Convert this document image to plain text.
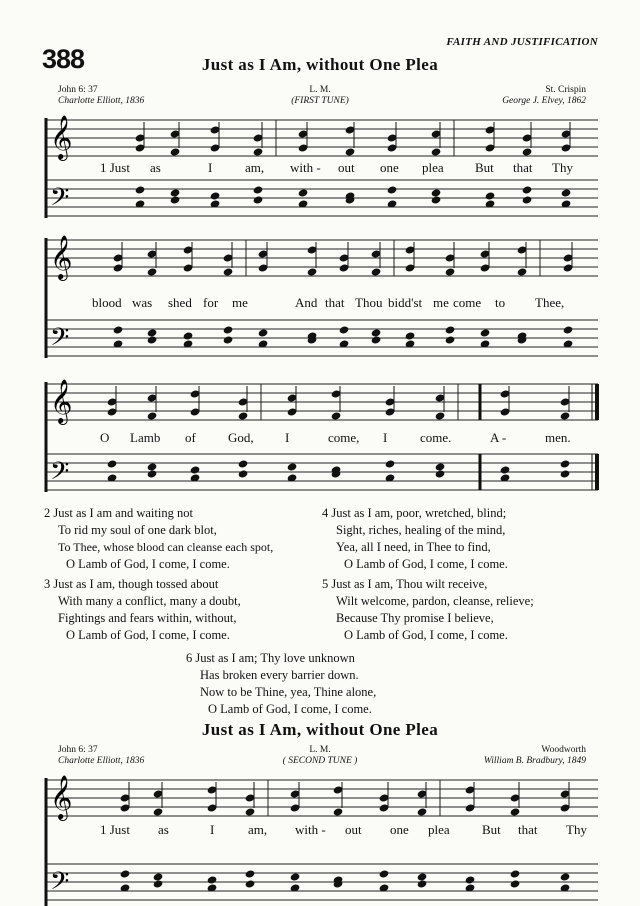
FAITH AND JUSTIFICATION
388	Just as I Am, without One Plea
John 6: 37
Charlotte Elliott, 1836
L. M.
(FIRST TUNE)
St. Crispin
George J. Elvey, 1862
𝄞
𝄢
1 Just as	I	am, with - out one plea But that Thy
𝄞
𝄢
blood was shed for me	And that Thou bidd'st me come to Thee,
𝄞
𝄢
O Lamb of God, I	come, I	come.	A -	men.
2 Just as I am and waiting not
To rid my soul of one dark blot,
To Thee, whose blood can cleanse each spot,
O Lamb of God, I come, I come.
4 Just as I am, poor, wretched, blind;
Sight, riches, healing of the mind,
Yea, all I need, in Thee to find,
O Lamb of God, I come, I come.
3 Just as I am, though tossed about
With many a conflict, many a doubt,
Fightings and fears within, without,
O Lamb of God, I come, I come.
5 Just as I am, Thou wilt receive,
Wilt welcome, pardon, cleanse, relieve;
Because Thy promise I believe,
O Lamb of God, I come, I come.
6 Just as I am; Thy love unknown
Has broken every barrier down.
Now to be Thine, yea, Thine alone,
O Lamb of God, I come, I come.
Just as I Am, without One Plea
John 6: 37
Charlotte Elliott, 1836
L. M.
( SECOND TUNE )
Woodworth
William B. Bradbury, 1849
𝄞
𝄢
1 Just as	I	am, with - out one plea But that Thy
